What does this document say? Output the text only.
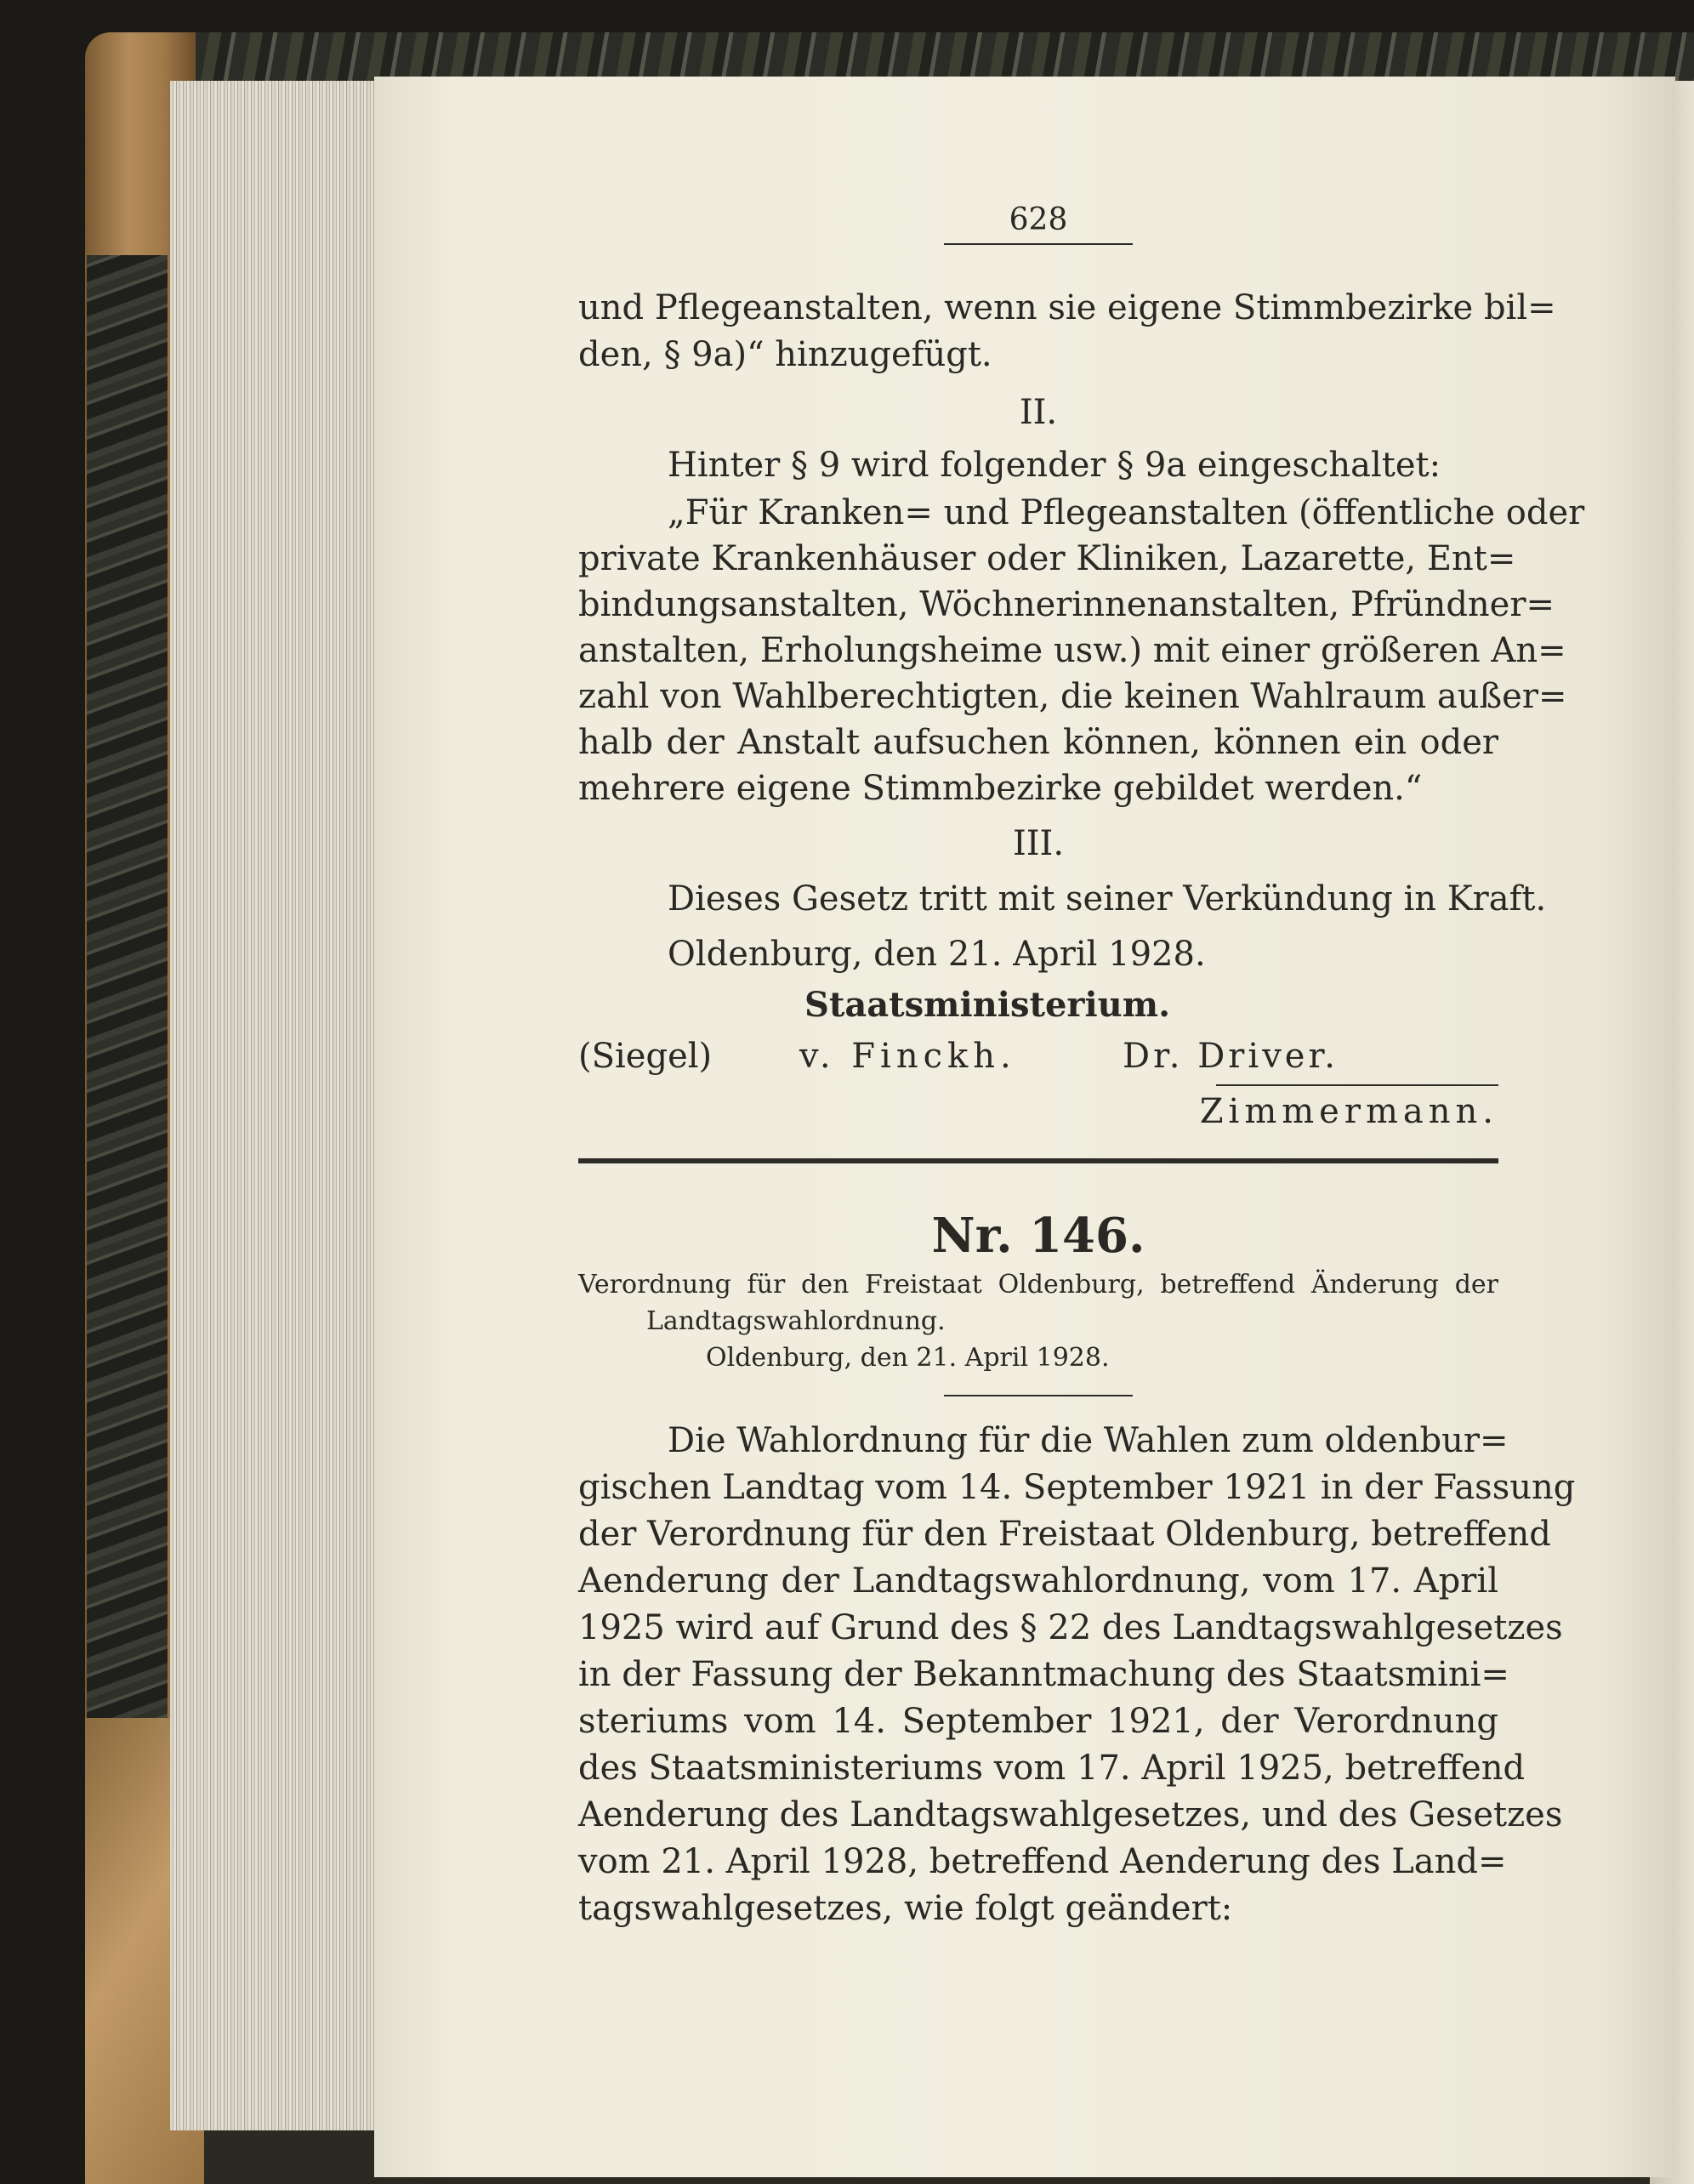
628
und Pflegeanstalten, wenn sie eigene Stimmbezirke bil=
den, § 9a)“ hinzugefügt.
II.
Hinter § 9 wird folgender § 9a eingeschaltet:
„Für Kranken= und Pflegeanstalten (öffentliche oder
private Krankenhäuser oder Kliniken, Lazarette, Ent=
bindungsanstalten, Wöchnerinnenanstalten, Pfründner=
anstalten, Erholungsheime usw.) mit einer größeren An=
zahl von Wahlberechtigten, die keinen Wahlraum außer=
halb der Anstalt aufsuchen können, können ein oder
mehrere eigene Stimmbezirke gebildet werden.“
III.
Dieses Gesetz tritt mit seiner Verkündung in Kraft.
Oldenburg, den 21. April 1928.
Staatsministerium.
(Siegel)	v. Finckh.	Dr. Driver.
Zimmermann.
Nr. 146.
Verordnung für den Freistaat Oldenburg, betreffend Änderung der
Landtagswahlordnung.
Oldenburg, den 21. April 1928.
Die Wahlordnung für die Wahlen zum oldenbur=
gischen Landtag vom 14. September 1921 in der Fassung
der Verordnung für den Freistaat Oldenburg, betreffend
Aenderung der Landtagswahlordnung, vom 17. April
1925 wird auf Grund des § 22 des Landtagswahlgesetzes
in der Fassung der Bekanntmachung des Staatsmini=
steriums vom 14. September 1921, der Verordnung
des Staatsministeriums vom 17. April 1925, betreffend
Aenderung des Landtagswahlgesetzes, und des Gesetzes
vom 21. April 1928, betreffend Aenderung des Land=
tagswahlgesetzes, wie folgt geändert:
